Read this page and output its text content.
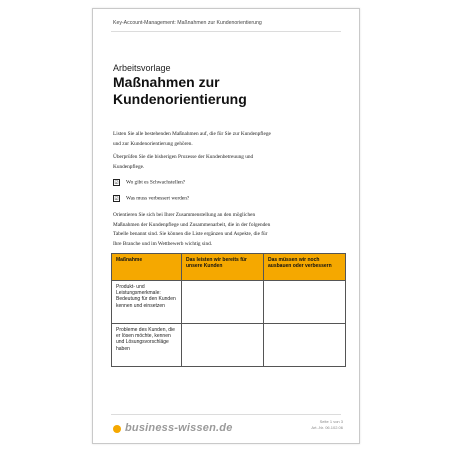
Key-Account-Management: Maßnahmen zur Kundenorientierung
Arbeitsvorlage
Maßnahmen zur
Kundenorientierung
Listen Sie alle bestehenden Maßnahmen auf, die für Sie zur Kundenpflege
und zur Kundenorientierung gehören.
Überprüfen Sie die bisherigen Prozesse der Kundenbetreuung und
Kundenpflege.
☑ Wo gibt es Schwachstellen?
☑ Was muss verbessert werden?
Orientieren Sie sich bei Ihrer Zusammenstellung an den möglichen
Maßnahmen der Kundenpflege und Zusammenarbeit, die in der folgenden
Tabelle benannt sind. Sie können die Liste ergänzen und Aspekte, die für
Ihre Branche und im Wettbewerb wichtig sind.
Maßnahme	Das leisten wir bereits für unsere Kunden	Das müssen wir noch ausbauen oder verbessern
Produkt- und Leistungsmerkmale: Bedeutung für den Kunden kennen und einsetzen		
Probleme des Kunden, die er lösen möchte, kennen und Lösungsvorschläge haben		
business-wissen.de
Seite 1 von 3
Art.-Nr. 06.102.06
